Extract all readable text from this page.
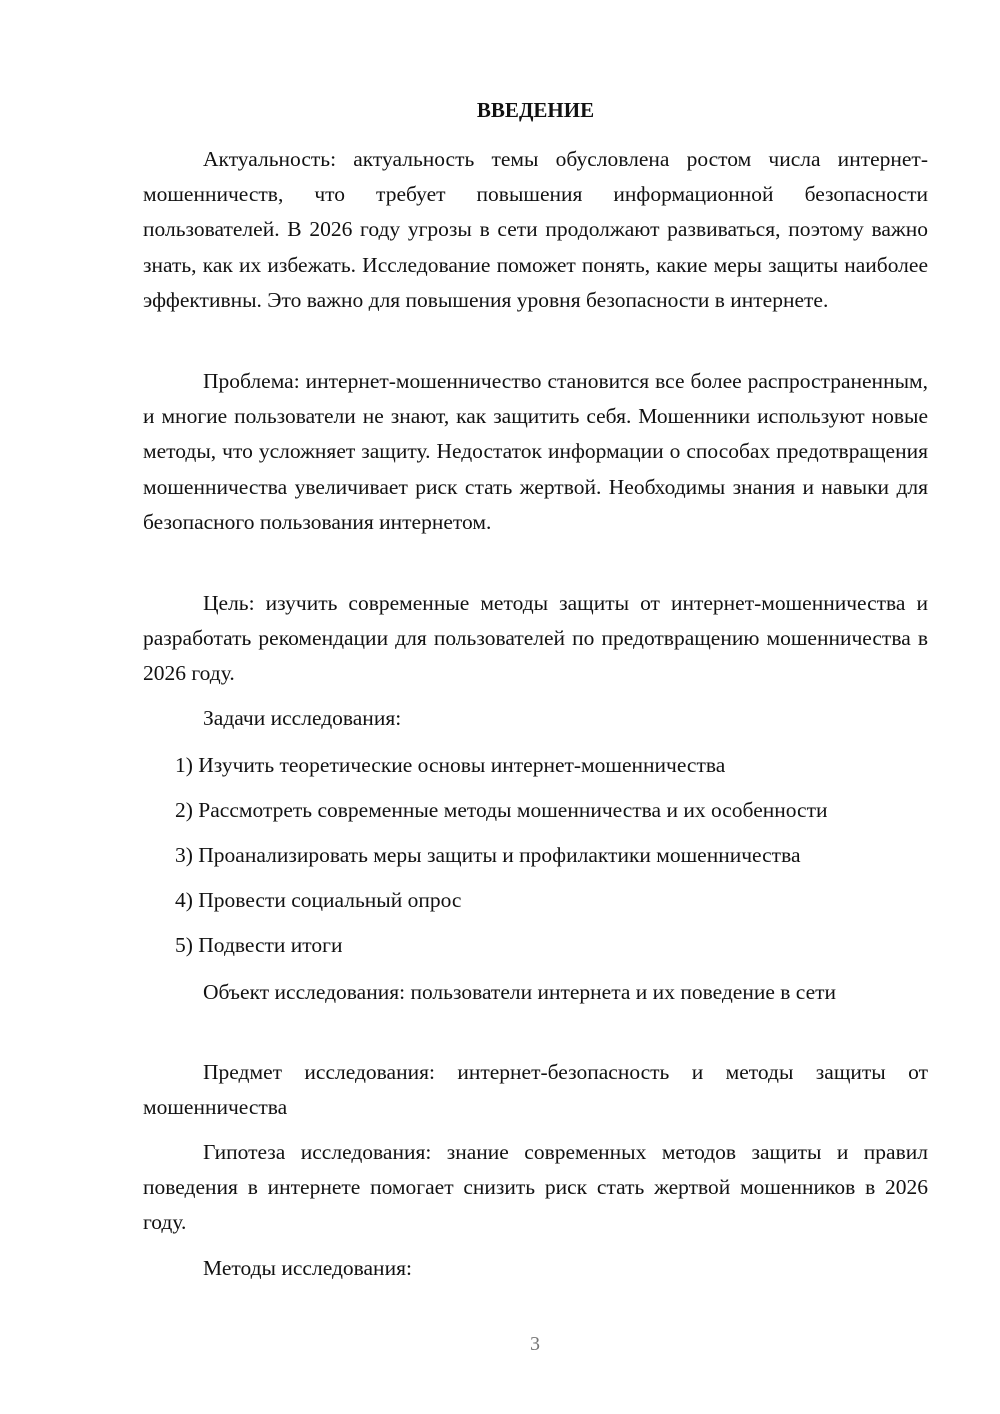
ВВЕДЕНИЕ

Актуальность: актуальность темы обусловлена ростом числа интернет-мошенничеств, что требует повышения информационной безопасности пользователей. В 2026 году угрозы в сети продолжают развиваться, поэтому важно знать, как их избежать. Исследование поможет понять, какие меры защиты наиболее эффективны. Это важно для повышения уровня безопасности в интернете.

Проблема: интернет-мошенничество становится все более распространенным, и многие пользователи не знают, как защитить себя. Мошенники используют новые методы, что усложняет защиту. Недостаток информации о способах предотвращения мошенничества увеличивает риск стать жертвой. Необходимы знания и навыки для безопасного пользования интернетом.

Цель: изучить современные методы защиты от интернет-мошенничества и разработать рекомендации для пользователей по предотвращению мошенничества в 2026 году.

Задачи исследования:

1) Изучить теоретические основы интернет-мошенничества

2) Рассмотреть современные методы мошенничества и их особенности

3) Проанализировать меры защиты и профилактики мошенничества

4) Провести социальный опрос

5) Подвести итоги

Объект исследования: пользователи интернета и их поведение в сети

Предмет исследования: интернет-безопасность и методы защиты от мошенничества

Гипотеза исследования: знание современных методов защиты и правил поведения в интернете помогает снизить риск стать жертвой мошенников в 2026 году.

Методы исследования:

3
